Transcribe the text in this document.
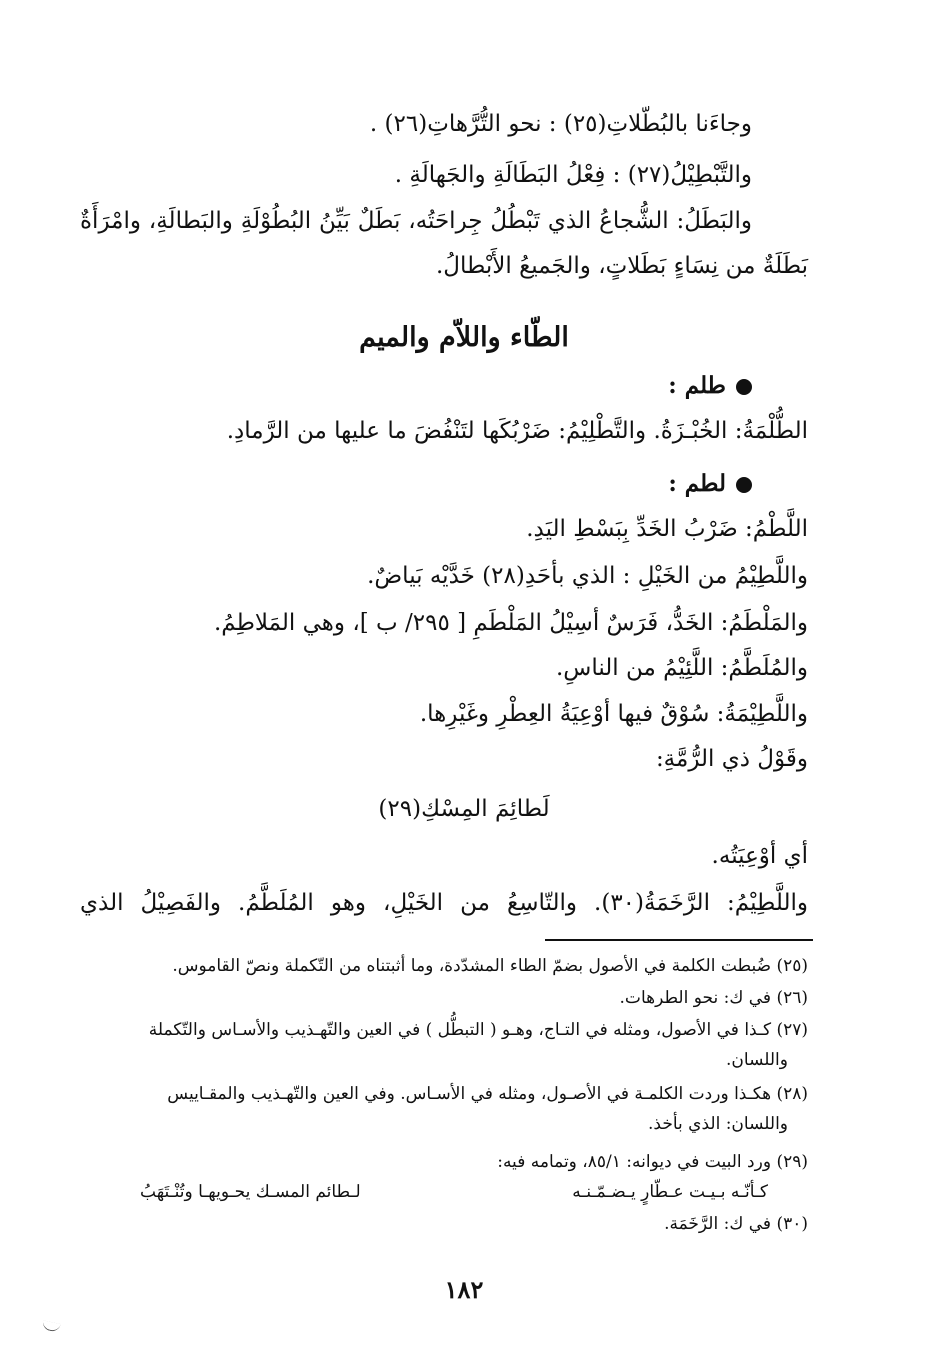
وجاءَنا بالبُطّلاتِ(٢٥) : نحو التُّرَّهاتِ(٢٦) .
والتَّبْطِيْلُ(٢٧) : فِعْلُ البَطَالَةِ والجَهالَةِ .
والبَطَلُ: الشُّجاعُ الذي تَبْطُلُ جِراحَتُه، بَطَلٌ بَيِّنُ البُطُوْلَةِ والبَطالَةِ، وامْرَأَةٌ
بَطَلَةٌ من نِسَاءٍ بَطَلاتٍ، والجَميعُ الأَبْطالُ.
الطّاء واللاّم والميم
طلم :
الطُّلْمَةُ: الخُبْـزَةُ. والتَّطْلِيْمُ: ضَرْبُكَها لتَنْفُضَ ما عليها من الرَّمادِ.
لطم :
اللَّطْمُ: ضَرْبُ الخَدِّ بِبَسْطِ اليَدِ.
واللَّطِيْمُ من الخَيْلِ : الذي بأحَدِ(٢٨) خَدَّيْه بَياضٌ.
والمَلْطَمُ: الخَدُّ، فَرَسٌ أسِيْلُ المَلْطَمِ [ ٢٩٥/ ب ]، وهي المَلاطِمُ.
والمُلَطَّمُ: اللَّئِيْمُ من الناسِ.
واللَّطِيْمَةُ: سُوْقٌ فيها أوْعِيَةُ العِطْرِ وغَيْرِها.
وقَوْلُ ذي الرُّمَّةِ:
لَطائِمَ المِسْكِ(٢٩)
أي أوْعِيَتُه.
واللَّطِيْمُ: الرَّخَمَةُ(٣٠). والتّاسِعُ من الخَيْلِ، وهو المُلَطَّمُ. والفَصِيْلُ الذي
(٢٥) ضُبطت الكلمة في الأصول بضمّ الطاء المشدّدة، وما أثبتناه من التّكملة ونصّ القاموس.
(٢٦) في ك: نحو الطرهات.
(٢٧) كـذا في الأصول، ومثله في التـاج، وهـو ( التبطُّل ) في العين والتّهـذيب والأسـاس والتّكملة
واللسان.
(٢٨) هكـذا وردت الكلمـة في الأصـول، ومثله في الأسـاس. وفي العين والتّهـذيب والمقـاييس
واللسان: الذي بأخذ.
(٢٩) ورد البيت في ديوانه: ٨٥/١، وتمامه فيه:
كـأنّـه بـيـت عـطّارٍ يـضـمّـنـه
لـطائم المسـك يحـويهـا وتُنْـتَهَبُ
(٣٠) في ك: الرَّخَمَة.
١٨٢
